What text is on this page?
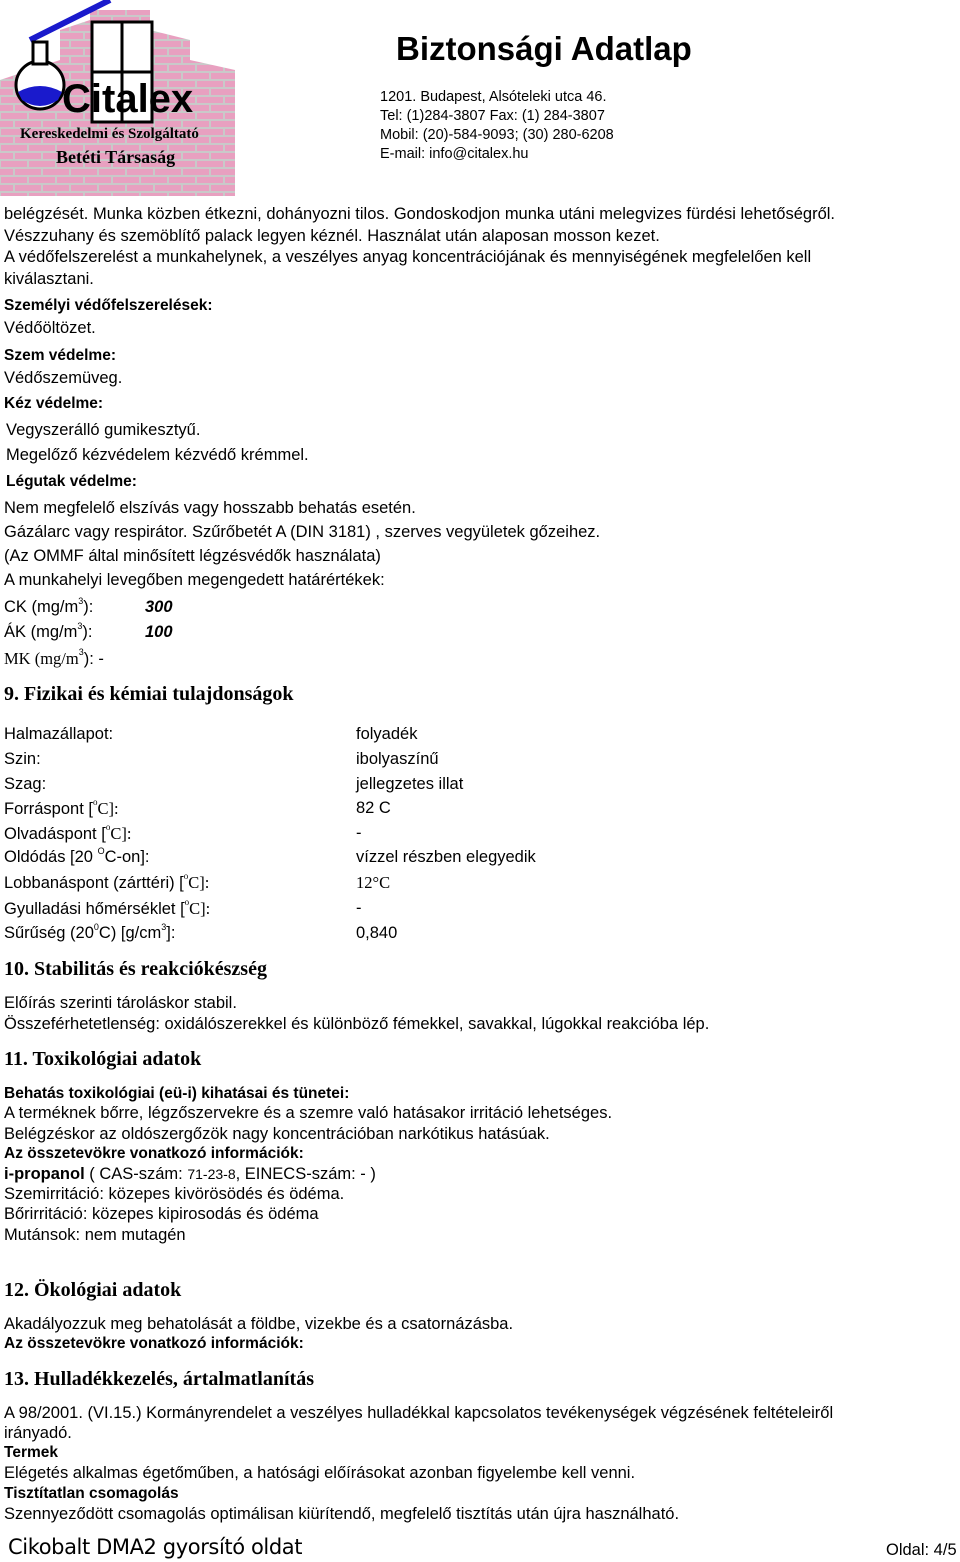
Citalex
Kereskedelmi és Szolgáltató
Betéti Társaság
Biztonsági Adatlap
1201. Budapest, Alsóteleki utca 46.
Tel: (1)284-3807 Fax: (1) 284-3807
Mobil: (20)-584-9093; (30) 280-6208
E-mail: info@citalex.hu
belégzését. Munka közben étkezni, dohányozni tilos. Gondoskodjon munka utáni melegvizes fürdési lehetőségről.
Vészzuhany és szemöblítő palack legyen kéznél. Használat után alaposan mosson kezet.
A védőfelszerelést a munkahelynek, a veszélyes anyag koncentrációjának és mennyiségének megfelelően kell
kiválasztani.
Személyi védőfelszerelések:
Védőöltözet.
Szem védelme:
Védőszemüveg.
Kéz védelme:
Vegyszerálló gumikesztyű.
Megelőző kézvédelem kézvédő krémmel.
Légutak védelme:
Nem megfelelő elszívás vagy hosszabb behatás esetén.
Gázálarc vagy respirátor. Szűrőbetét A (DIN 3181) , szerves vegyületek gőzeihez.
(Az OMMF által minősített légzésvédők használata)
A munkahelyi levegőben megengedett határértékek:
CK $(mg/m^3)$:	300
ÁK $(mg/m^3)$:	100
MK $(mg/m^3)$: -
9. Fizikai és kémiai tulajdonságok
Halmazállapot:	folyadék
Szin:	ibolyaszínű
Szag:	jellegzetes illat
Forráspont [$^o$C]:	82 C
Olvadáspont [$^o$C]:	-
Oldódás [20 $^O$C-on]:	vízzel részben elegyedik
Lobbanáspont (zárttéri) [$^o$C]:	12°C
Gyulladási hőmérséklet [$^o$C]:	-
Sűrűség $(20^0C)$ $[g/cm^3]$:	0,840
10. Stabilitás és reakciókészség
Előírás szerinti tároláskor stabil.
Összeférhetetlenség: oxidálószerekkel és különböző fémekkel, savakkal, lúgokkal reakcióba lép.
11. Toxikológiai adatok
Behatás toxikológiai (eü-i) kihatásai és tünetei:
A terméknek bőrre, légzőszervekre és a szemre való hatásakor irritáció lehetséges.
Belégzéskor az oldószergőzök nagy koncentrációban narkótikus hatásúak.
Az összetevökre vonatkozó információk:
i-propanol ( CAS-szám: 71-23-8, EINECS-szám: - )
Szemirritáció: közepes kivörösödés és ödéma.
Bőrirritáció: közepes kipirosodás és ödéma
Mutánsok: nem mutagén
12. Ökológiai adatok
Akadályozzuk meg behatolását a földbe, vizekbe és a csatornázásba.
Az összetevökre vonatkozó információk:
13. Hulladékkezelés, ártalmatlanítás
A 98/2001. (VI.15.) Kormányrendelet a veszélyes hulladékkal kapcsolatos tevékenységek végzésének feltételeiről
irányadó.
Termek
Elégetés alkalmas égetőműben, a hatósági előírásokat azonban figyelembe kell venni.
Tisztítatlan csomagolás
Szennyeződött csomagolás optimálisan kiürítendő, megfelelő tisztítás után újra használható.
Cikobalt DMA2 gyorsító oldat	Oldal: 4/5
